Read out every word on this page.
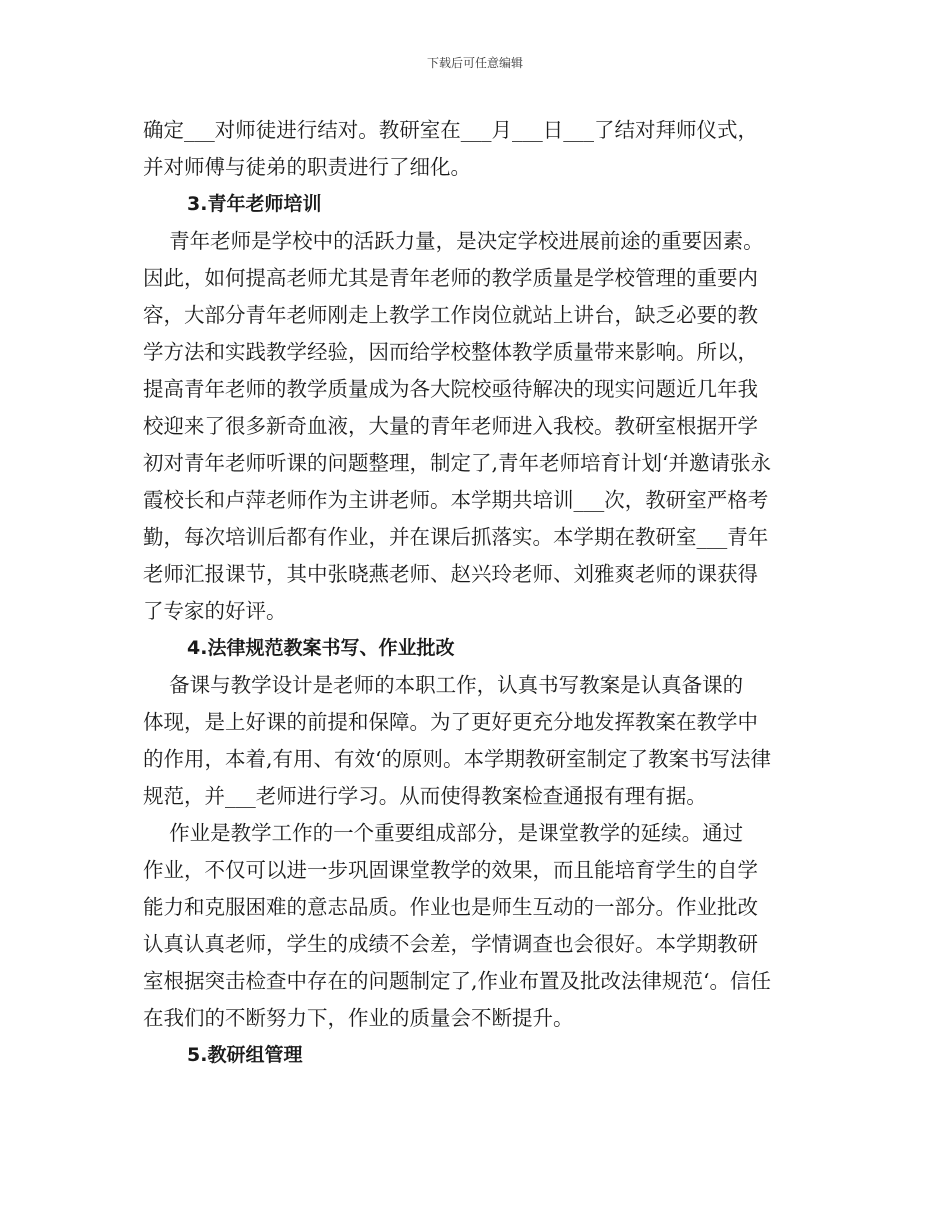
下载后可任意编辑
确定___对师徒进行结对。教研室在___月___日___了结对拜师仪式，
并对师傅与徒弟的职责进行了细化。
3.青年老师培训
青年老师是学校中的活跃力量，是决定学校进展前途的重要因素。
因此，如何提高老师尤其是青年老师的教学质量是学校管理的重要内
容，大部分青年老师刚走上教学工作岗位就站上讲台，缺乏必要的教
学方法和实践教学经验，因而给学校整体教学质量带来影响。所以，
提高青年老师的教学质量成为各大院校亟待解决的现实问题近几年我
校迎来了很多新奇血液，大量的青年老师进入我校。教研室根据开学
初对青年老师听课的问题整理，制定了,青年老师培育计划‘并邀请张永
霞校长和卢萍老师作为主讲老师。本学期共培训___次，教研室严格考
勤，每次培训后都有作业，并在课后抓落实。本学期在教研室___青年
老师汇报课节，其中张晓燕老师、赵兴玲老师、刘雅爽老师的课获得
了专家的好评。
4.法律规范教案书写、作业批改
备课与教学设计是老师的本职工作，认真书写教案是认真备课的
体现，是上好课的前提和保障。为了更好更充分地发挥教案在教学中
的作用，本着,有用、有效‘的原则。本学期教研室制定了教案书写法律
规范，并___老师进行学习。从而使得教案检查通报有理有据。
作业是教学工作的一个重要组成部分，是课堂教学的延续。通过
作业，不仅可以进一步巩固课堂教学的效果，而且能培育学生的自学
能力和克服困难的意志品质。作业也是师生互动的一部分。作业批改
认真认真老师，学生的成绩不会差，学情调查也会很好。本学期教研
室根据突击检查中存在的问题制定了,作业布置及批改法律规范‘。信任
在我们的不断努力下，作业的质量会不断提升。
5.教研组管理
